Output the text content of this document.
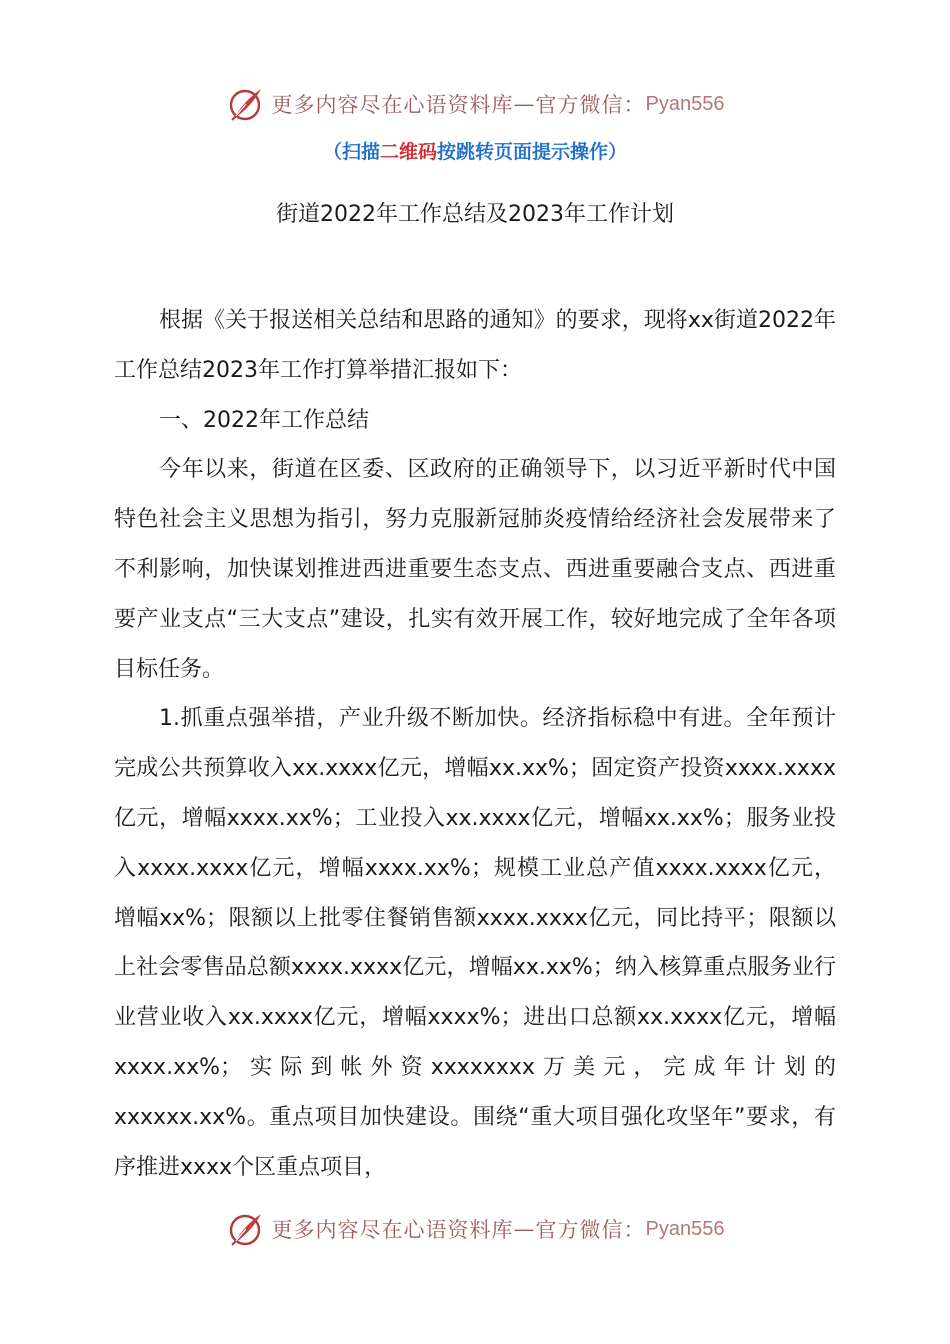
更多内容尽在心语资料库 — 官方微信： Pyan556
（扫描二维码按跳转页面提示操作）
街道2022年工作总结及2023年工作计划

根据《关于报送相关总结和思路的通知》的要求，现将xx街道2022年工作总结2023年工作打算举措汇报如下：

一、2022年工作总结

今年以来，街道在区委、区政府的正确领导下，以习近平新时代中国特色社会主义思想为指引，努力克服新冠肺炎疫情给经济社会发展带来了不利影响，加快谋划推进西进重要生态支点、西进重要融合支点、西进重要产业支点“三大支点”建设，扎实有效开展工作，较好地完成了全年各项目标任务。

1.抓重点强举措，产业升级不断加快。经济指标稳中有进。全年预计完成公共预算收入xx.xxxx亿元，增幅xx.xx%；固定资产投资xxxx.xxxx亿元，增幅xxxx.xx%；工业投入xx.xxxx亿元，增幅xx.xx%；服务业投入xxxx.xxxx亿元，增幅xxxx.xx%；规模工业总产值xxxx.xxxx亿元，增幅xx%；限额以上批零住餐销售额xxxx.xxxx亿元，同比持平；限额以上社会零售品总额xxxx.xxxx亿元，增幅xx.xx%；纳入核算重点服务业行业营业收入xx.xxxx亿元，增幅xxxx%；进出口总额xx.xxxx亿元，增幅xxxx.xx%；实际到帐外资xxxxxxxx万美元，完成年计划的xxxxxx.xx%。重点项目加快建设。围绕“重大项目强化攻坚年”要求，有序推进xxxx个区重点项目，

更多内容尽在心语资料库 — 官方微信： Pyan556
